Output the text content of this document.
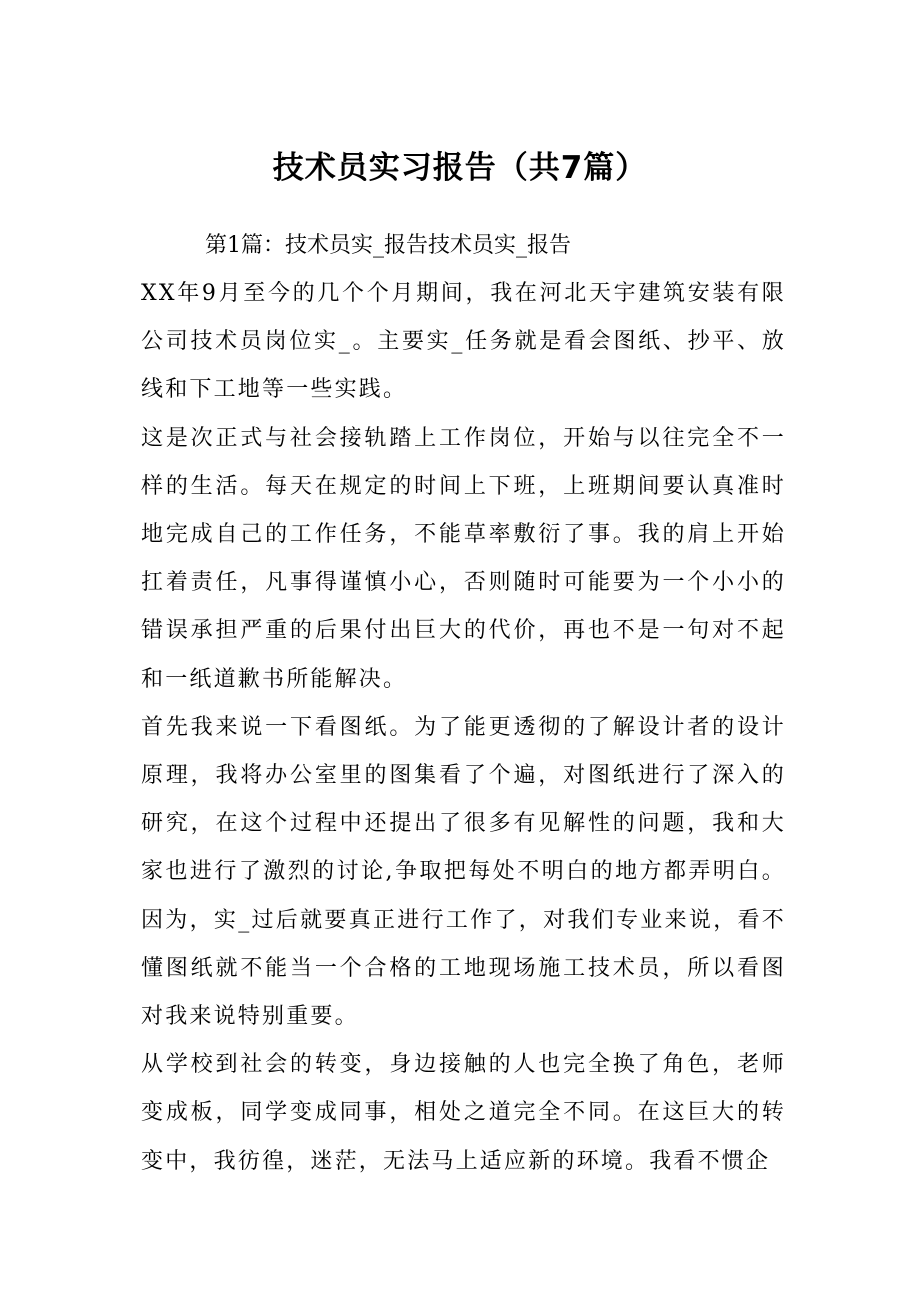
技术员实习报告（共7篇）

第1篇：技术员实_报告技术员实_报告

XX年9月至今的几个个月期间，我在河北天宇建筑安装有限公司技术员岗位实_。主要实_任务就是看会图纸、抄平、放线和下工地等一些实践。

这是次正式与社会接轨踏上工作岗位，开始与以往完全不一样的生活。每天在规定的时间上下班，上班期间要认真准时地完成自己的工作任务，不能草率敷衍了事。我的肩上开始扛着责任，凡事得谨慎小心，否则随时可能要为一个小小的错误承担严重的后果付出巨大的代价，再也不是一句对不起和一纸道歉书所能解决。

首先我来说一下看图纸。为了能更透彻的了解设计者的设计原理，我将办公室里的图集看了个遍，对图纸进行了深入的研究，在这个过程中还提出了很多有见解性的问题，我和大家也进行了激烈的讨论,争取把每处不明白的地方都弄明白。因为，实_过后就要真正进行工作了，对我们专业来说，看不懂图纸就不能当一个合格的工地现场施工技术员，所以看图对我来说特别重要。

从学校到社会的转变，身边接触的人也完全换了角色，老师变成板，同学变成同事，相处之道完全不同。在这巨大的转变中，我彷徨，迷茫，无法马上适应新的环境。我看不惯企
